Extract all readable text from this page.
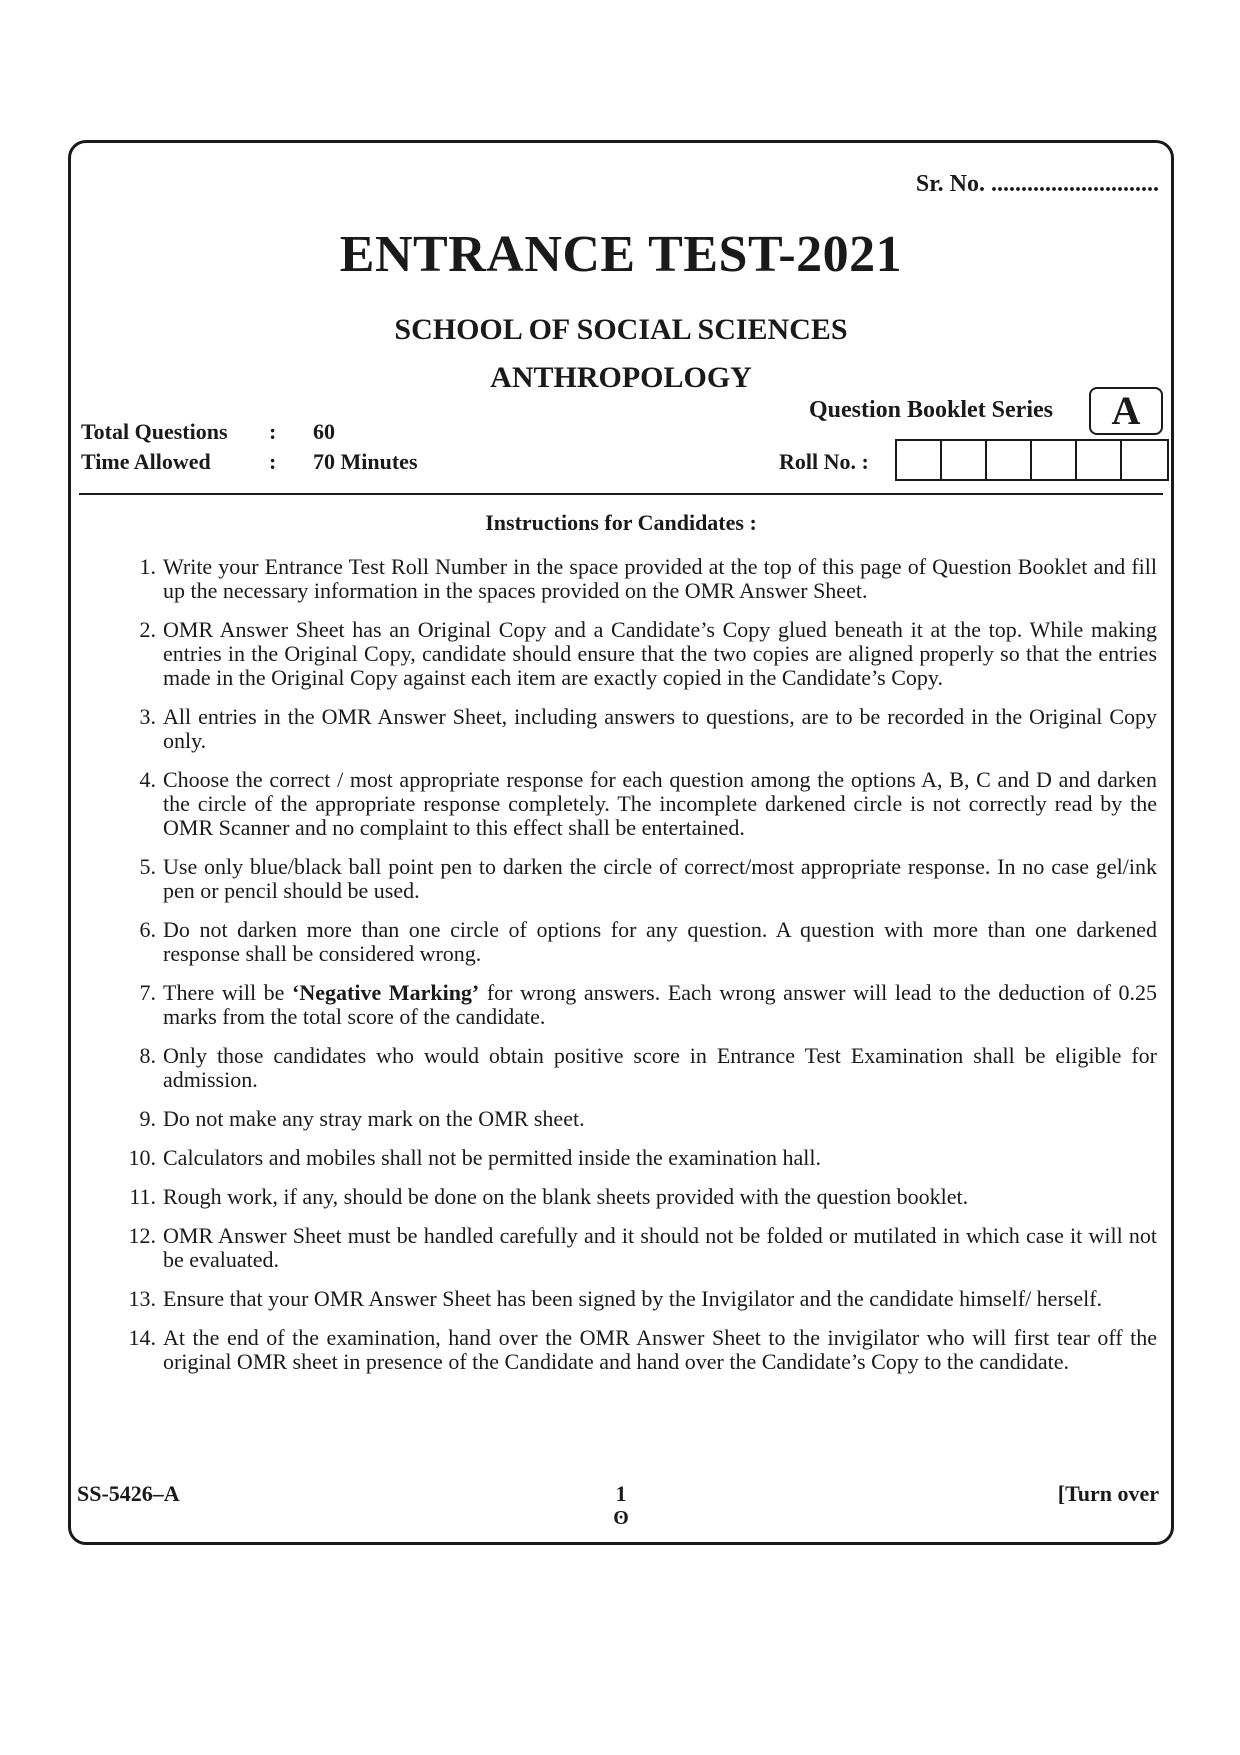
Sr. No. ............................
ENTRANCE TEST-2021
SCHOOL OF SOCIAL SCIENCES
ANTHROPOLOGY
Question Booklet Series	A
Total Questions : 60
Time Allowed	: 70 Minutes	Roll No. :
Instructions for Candidates :
1. Write your Entrance Test Roll Number in the space provided at the top of this page of Question Booklet and fill up the necessary information in the spaces provided on the OMR Answer Sheet.
2. OMR Answer Sheet has an Original Copy and a Candidate’s Copy glued beneath it at the top. While making entries in the Original Copy, candidate should ensure that the two copies are aligned properly so that the entries made in the Original Copy against each item are exactly copied in the Candidate’s Copy.
3. All entries in the OMR Answer Sheet, including answers to questions, are to be recorded in the Original Copy only.
4. Choose the correct / most appropriate response for each question among the options A, B, C and D and darken the circle of the appropriate response completely. The incomplete darkened circle is not correctly read by the OMR Scanner and no complaint to this effect shall be entertained.
5. Use only blue/black ball point pen to darken the circle of correct/most appropriate response. In no case gel/ink pen or pencil should be used.
6. Do not darken more than one circle of options for any question. A question with more than one darkened response shall be considered wrong.
7. There will be ‘Negative Marking’ for wrong answers. Each wrong answer will lead to the deduction of 0.25 marks from the total score of the candidate.
8. Only those candidates who would obtain positive score in Entrance Test Examination shall be eligible for admission.
9. Do not make any stray mark on the OMR sheet.
10. Calculators and mobiles shall not be permitted inside the examination hall.
11. Rough work, if any, should be done on the blank sheets provided with the question booklet.
12. OMR Answer Sheet must be handled carefully and it should not be folded or mutilated in which case it will not be evaluated.
13. Ensure that your OMR Answer Sheet has been signed by the Invigilator and the candidate himself/ herself.
14. At the end of the examination, hand over the OMR Answer Sheet to the invigilator who will first tear off the original OMR sheet in presence of the Candidate and hand over the Candidate’s Copy to the candidate.
SS-5426–A	1	[Turn over
ʘ
